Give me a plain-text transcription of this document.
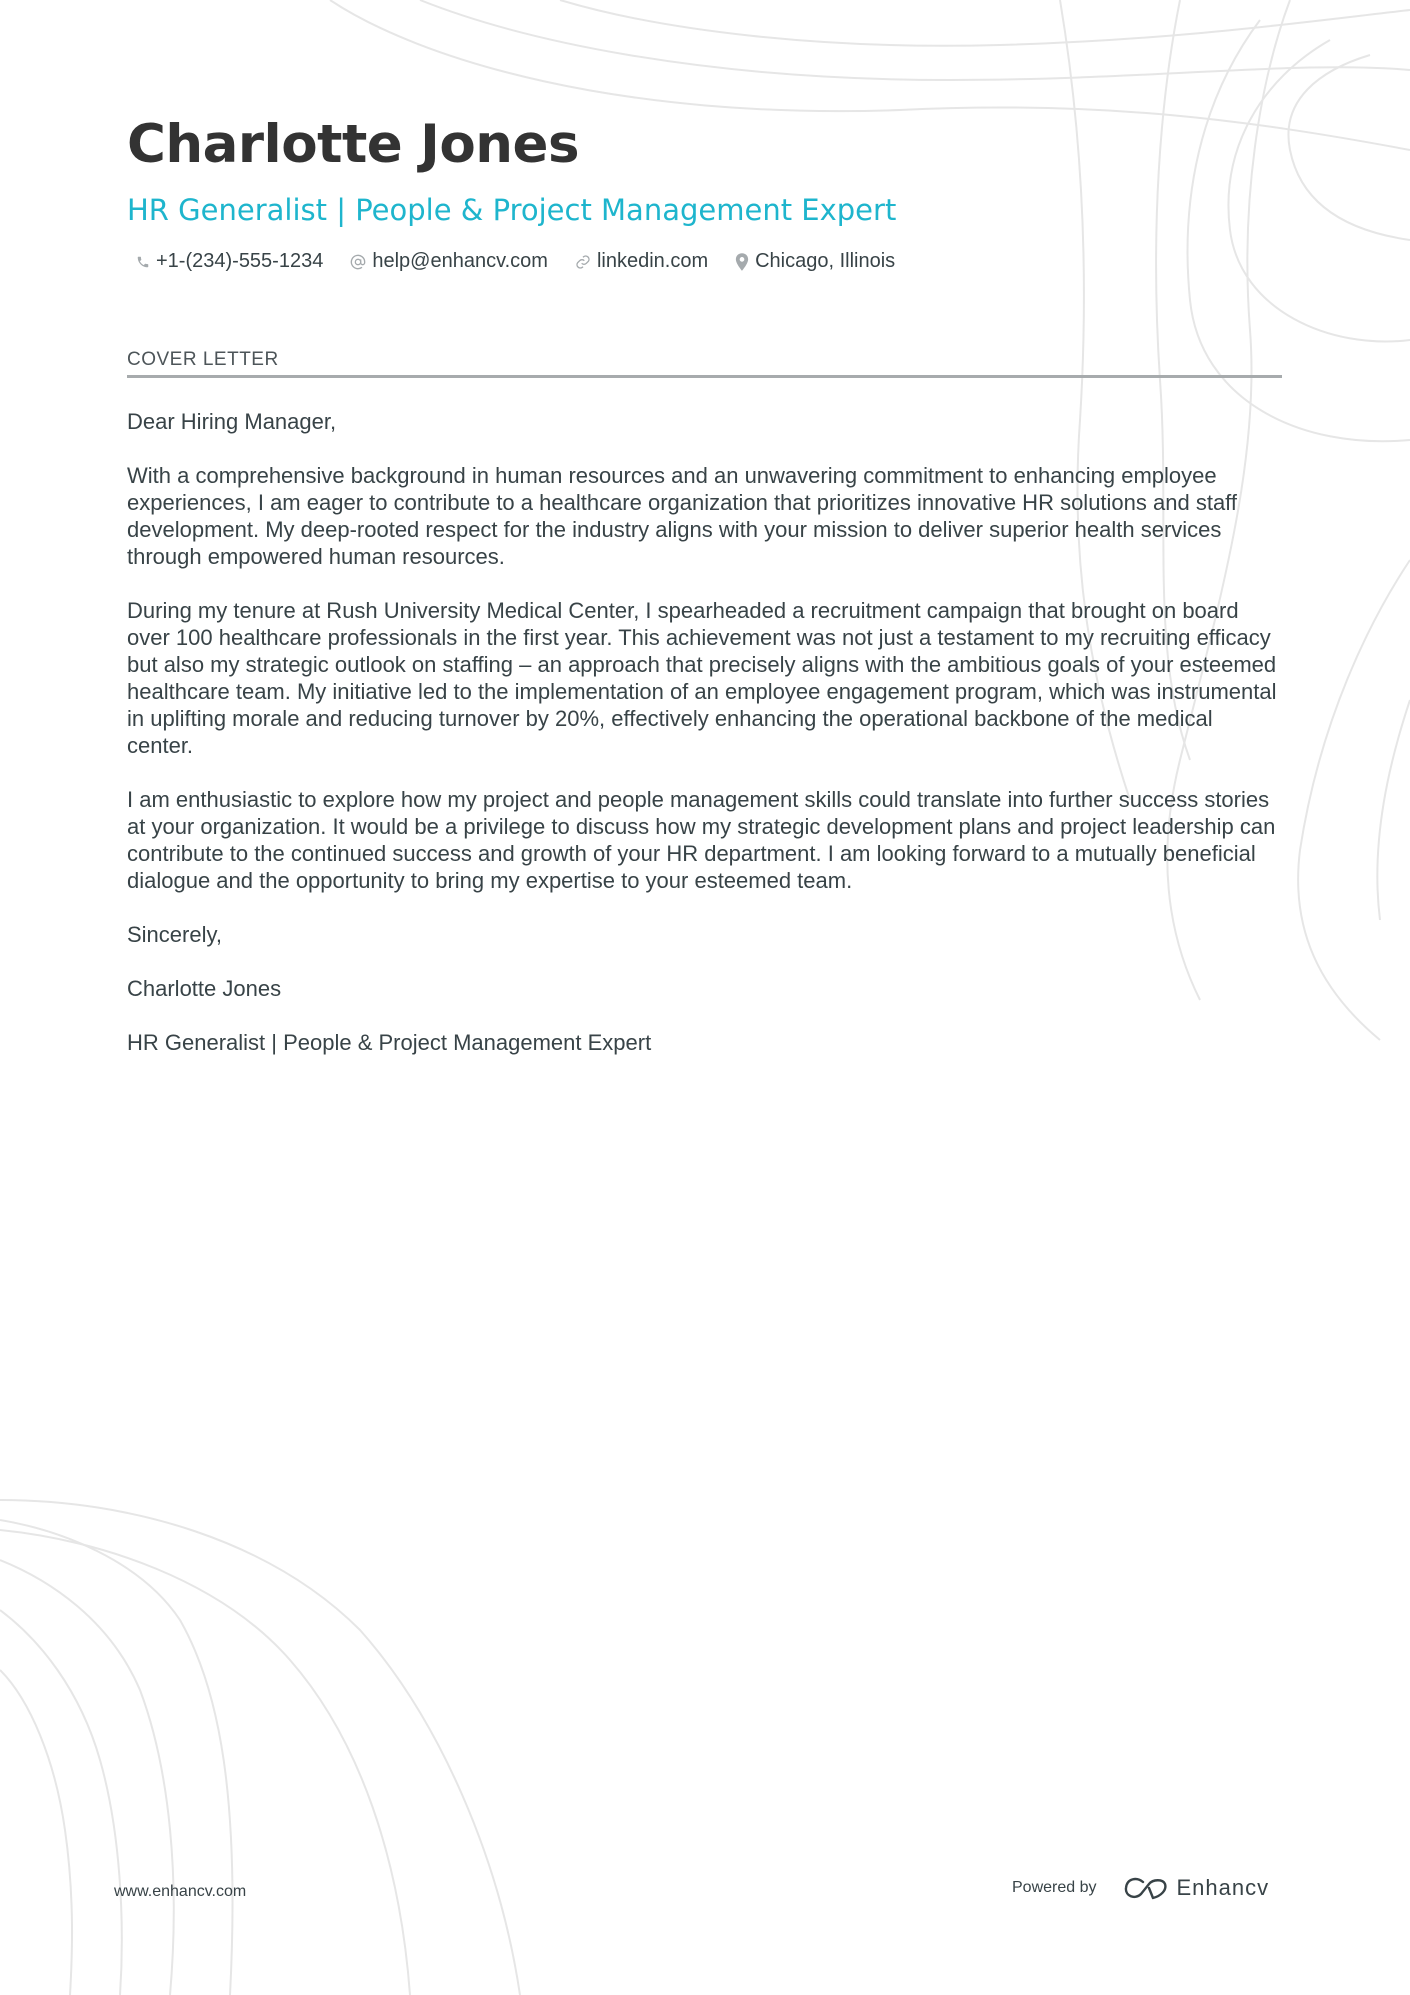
Charlotte Jones
HR Generalist | People & Project Management Expert
+1-(234)-555-1234 help@enhancv.com linkedin.com Chicago, Illinois
COVER LETTER

Dear Hiring Manager,

With a comprehensive background in human resources and an unwavering commitment to enhancing employee experiences, I am eager to contribute to a healthcare organization that prioritizes innovative HR solutions and staff development. My deep-rooted respect for the industry aligns with your mission to deliver superior health services through empowered human resources.

During my tenure at Rush University Medical Center, I spearheaded a recruitment campaign that brought on board over 100 healthcare professionals in the first year. This achievement was not just a testament to my recruiting efficacy but also my strategic outlook on staffing – an approach that precisely aligns with the ambitious goals of your esteemed healthcare team. My initiative led to the implementation of an employee engagement program, which was instrumental in uplifting morale and reducing turnover by 20%, effectively enhancing the operational backbone of the medical center.

I am enthusiastic to explore how my project and people management skills could translate into further success stories at your organization. It would be a privilege to discuss how my strategic development plans and project leadership can contribute to the continued success and growth of your HR department. I am looking forward to a mutually beneficial dialogue and the opportunity to bring my expertise to your esteemed team.

Sincerely,

Charlotte Jones

HR Generalist | People & Project Management Expert

www.enhancv.com	Powered by	Enhancv
